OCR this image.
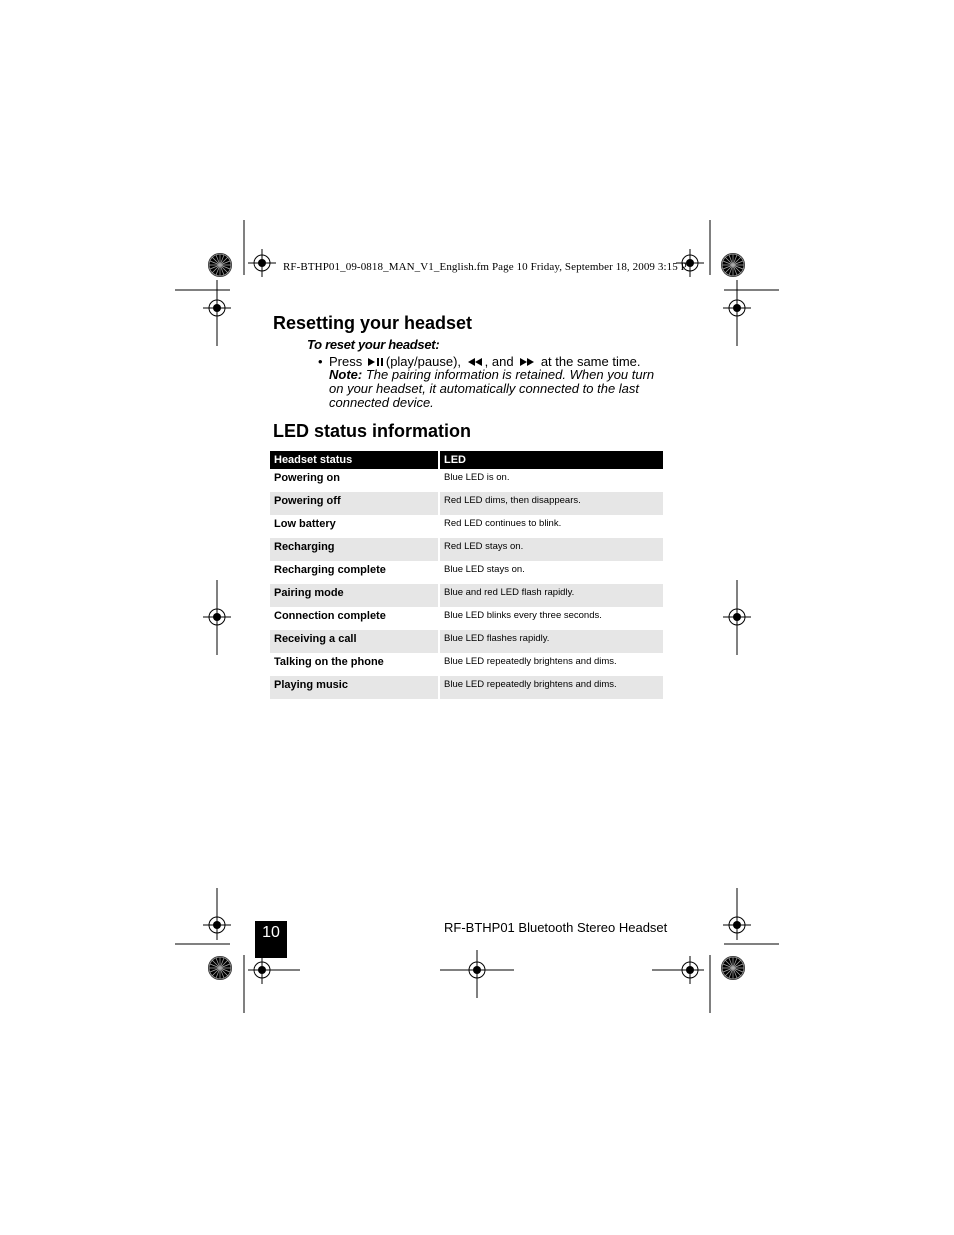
RF-BTHP01_09-0818_MAN_V1_English.fm Page 10 Friday, September 18, 2009 3:15 P
Resetting your headset
To reset your headset:
• Press (play/pause), , and at the same time.
Note: The pairing information is retained. When you turn on your headset, it automatically connected to the last connected device.
LED status information
Headset status	LED
Powering on	Blue LED is on.
Powering off	Red LED dims, then disappears.
Low battery	Red LED continues to blink.
Recharging	Red LED stays on.
Recharging complete	Blue LED stays on.
Pairing mode	Blue and red LED flash rapidly.
Connection complete	Blue LED blinks every three seconds.
Receiving a call	Blue LED flashes rapidly.
Talking on the phone	Blue LED repeatedly brightens and dims.
Playing music	Blue LED repeatedly brightens and dims.
10	RF-BTHP01 Bluetooth Stereo Headset
